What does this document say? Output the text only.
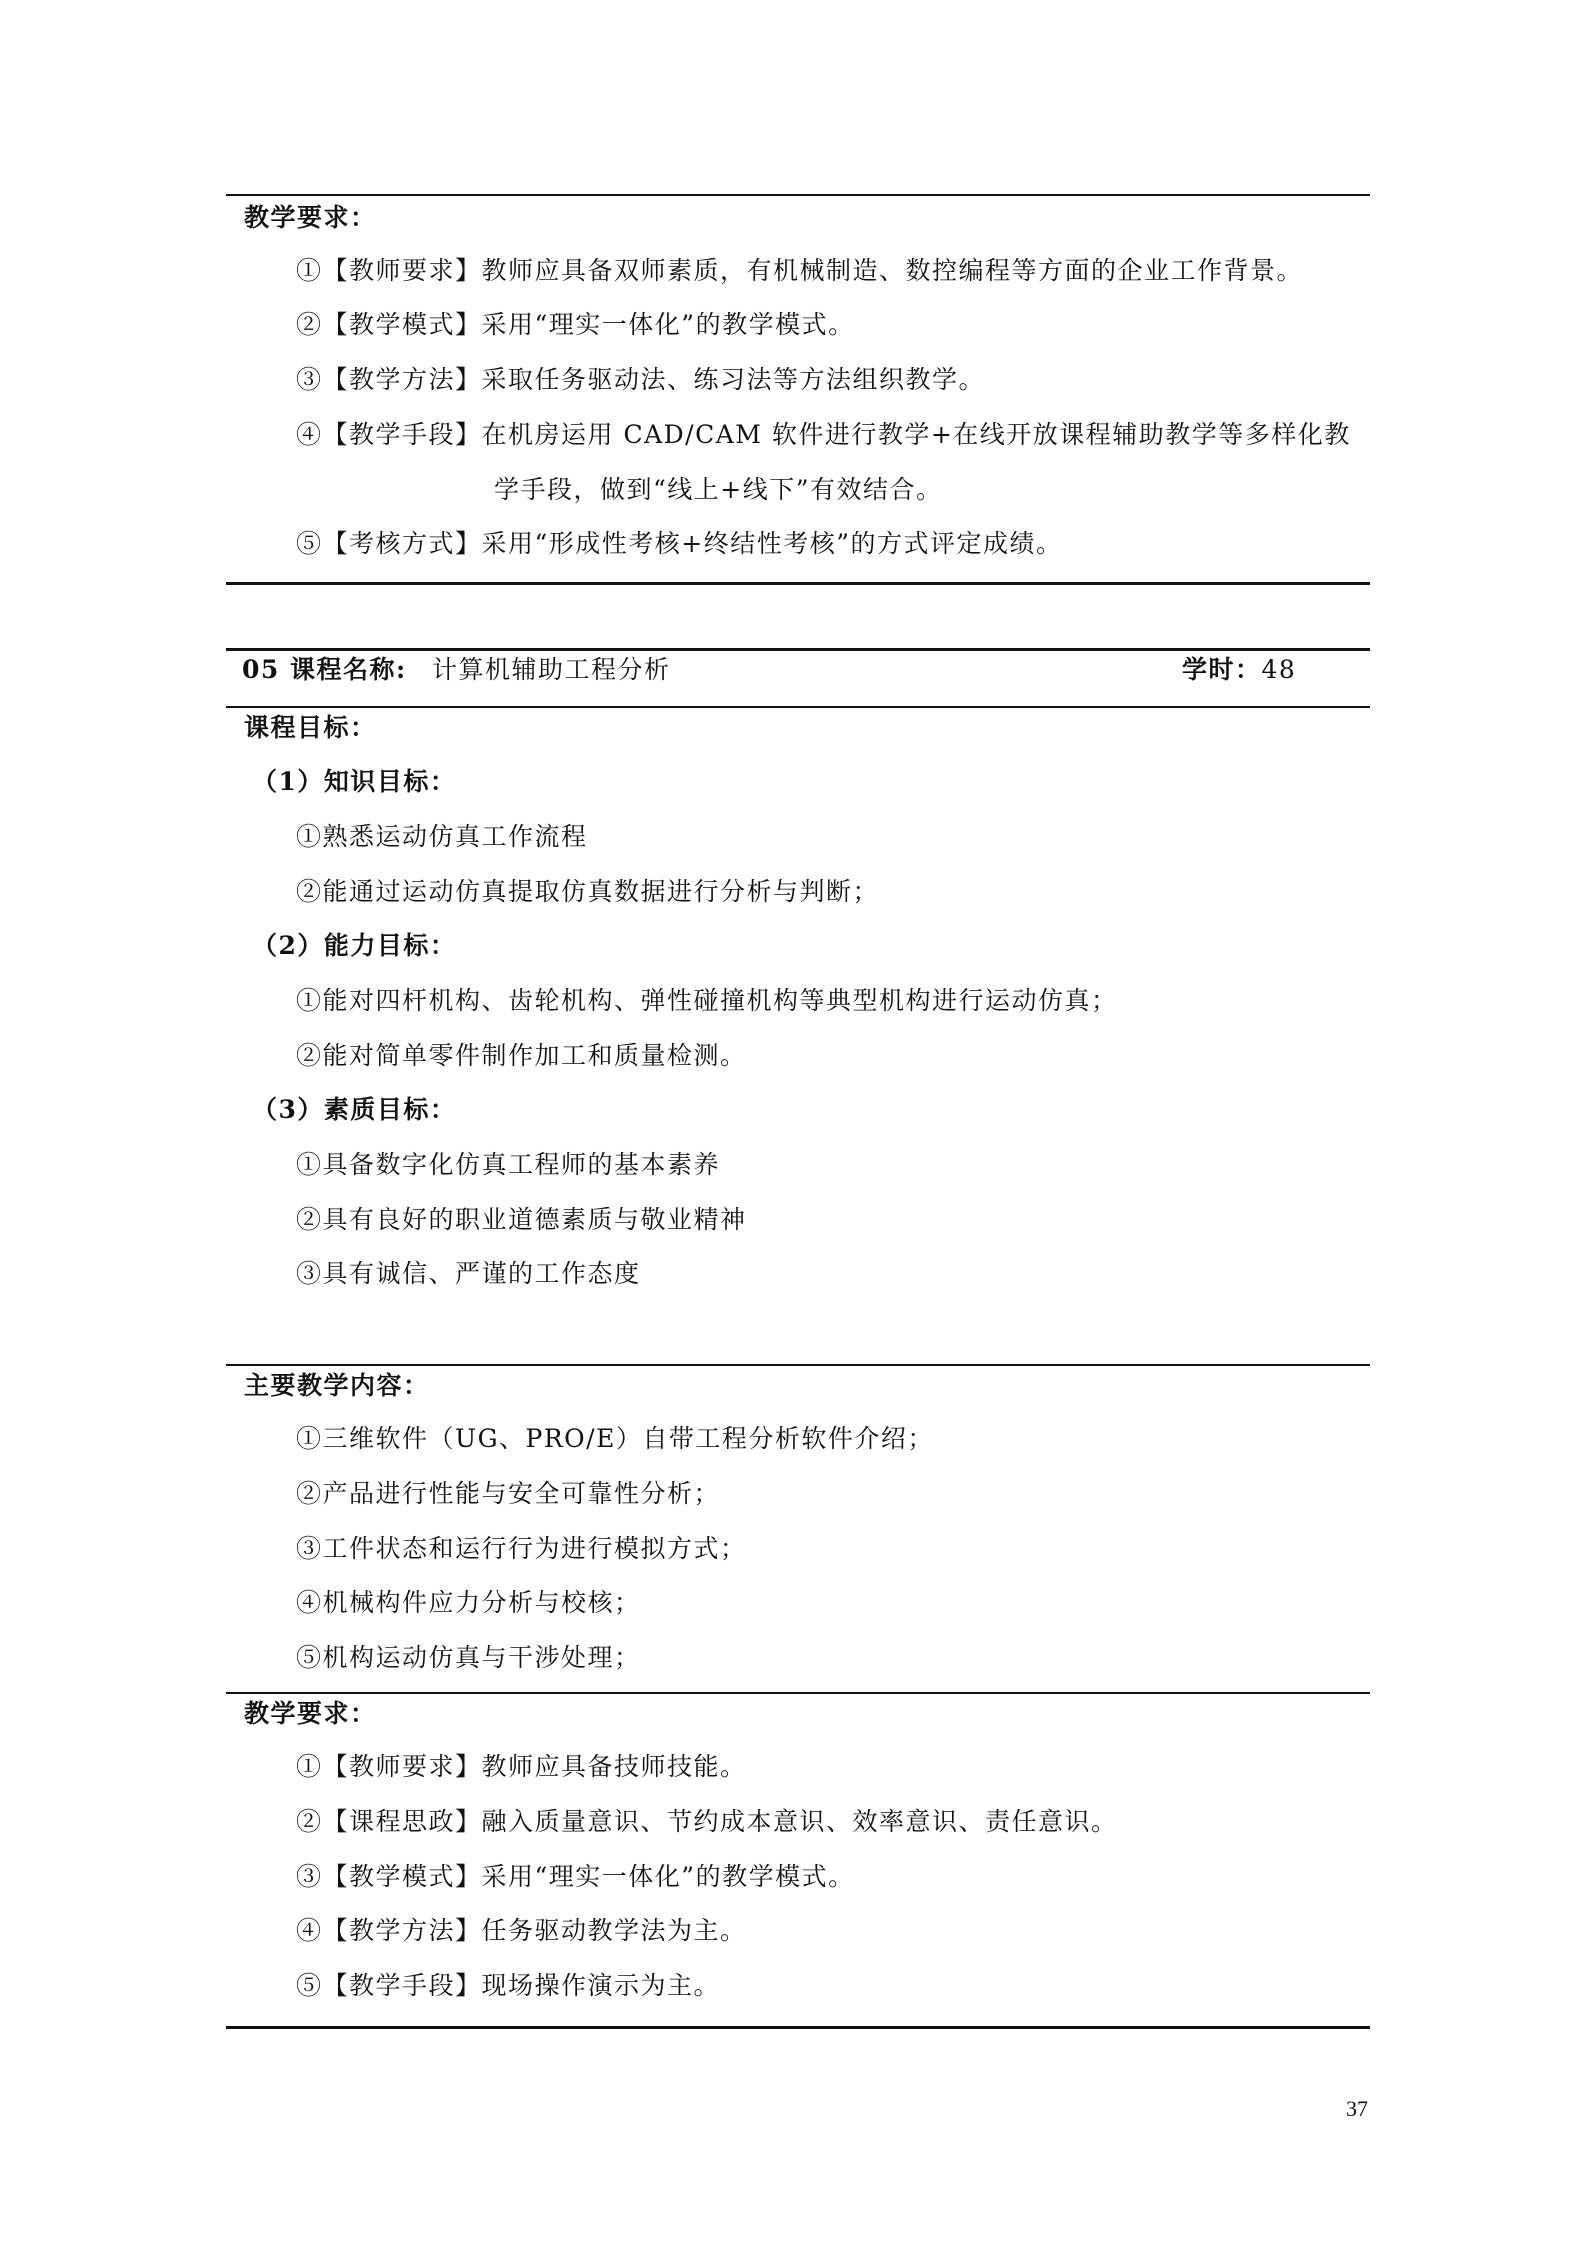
教学要求：
①【教师要求】教师应具备双师素质，有机械制造、数控编程等方面的企业工作背景。
②【教学模式】采用“理实一体化”的教学模式。
③【教学方法】采取任务驱动法、练习法等方法组织教学。
④【教学手段】在机房运用 CAD/CAM 软件进行教学+在线开放课程辅助教学等多样化教
学手段，做到“线上+线下”有效结合。
⑤【考核方式】采用“形成性考核+终结性考核”的方式评定成绩。
05 课程名称: 计算机辅助工程分析	学时：48
课程目标：
（1）知识目标：
①熟悉运动仿真工作流程
②能通过运动仿真提取仿真数据进行分析与判断；
（2）能力目标：
①能对四杆机构、齿轮机构、弹性碰撞机构等典型机构进行运动仿真；
②能对简单零件制作加工和质量检测。
（3）素质目标：
①具备数字化仿真工程师的基本素养
②具有良好的职业道德素质与敬业精神
③具有诚信、严谨的工作态度
主要教学内容：
①三维软件（UG、PRO/E）自带工程分析软件介绍；
②产品进行性能与安全可靠性分析；
③工件状态和运行行为进行模拟方式；
④机械构件应力分析与校核；
⑤机构运动仿真与干涉处理；
教学要求：
①【教师要求】教师应具备技师技能。
②【课程思政】融入质量意识、节约成本意识、效率意识、责任意识。
③【教学模式】采用“理实一体化”的教学模式。
④【教学方法】任务驱动教学法为主。
⑤【教学手段】现场操作演示为主。
37
